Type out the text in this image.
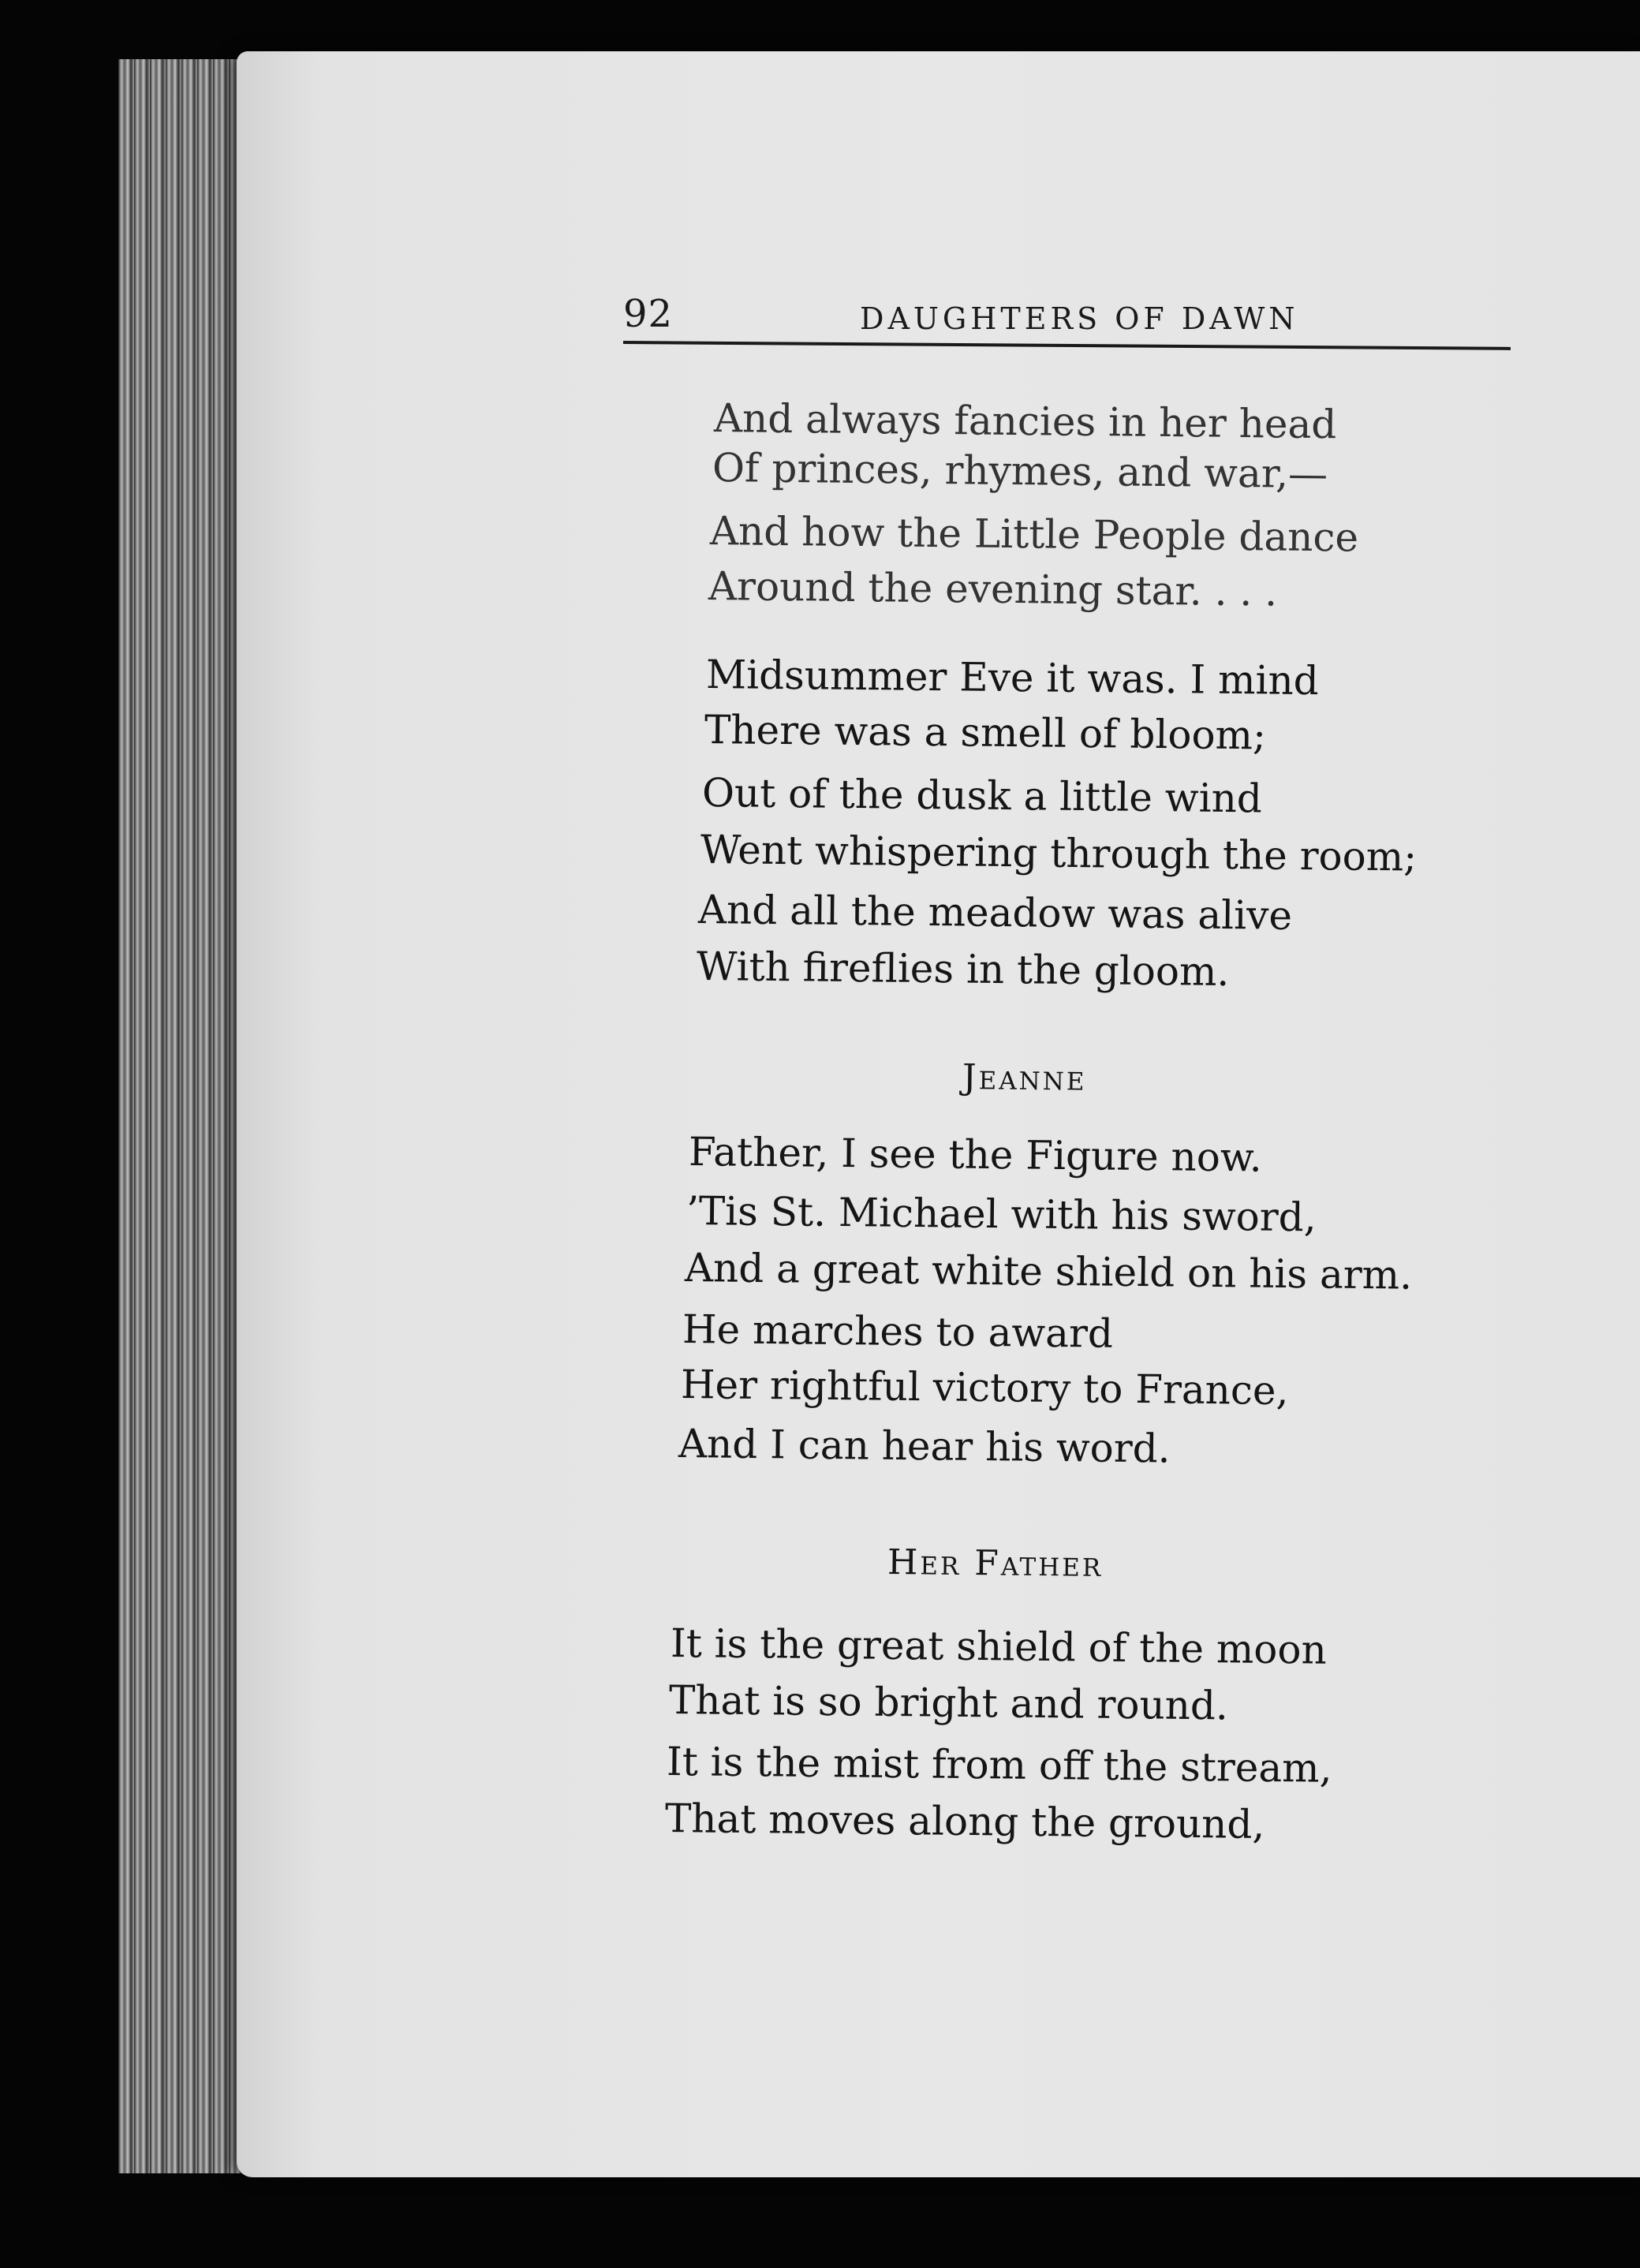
92	DAUGHTERS OF DAWN
And always fancies in her head
Of princes, rhymes, and war,—
And how the Little People dance
Around the evening star. . . .
Midsummer Eve it was. I mind
There was a smell of bloom;
Out of the dusk a little wind
Went whispering through the room;
And all the meadow was alive
With fireflies in the gloom.
Jeanne
Father, I see the Figure now.
’Tis St. Michael with his sword,
And a great white shield on his arm.
He marches to award
Her rightful victory to France,
And I can hear his word.
Her Father
It is the great shield of the moon
That is so bright and round.
It is the mist from off the stream,
That moves along the ground,
